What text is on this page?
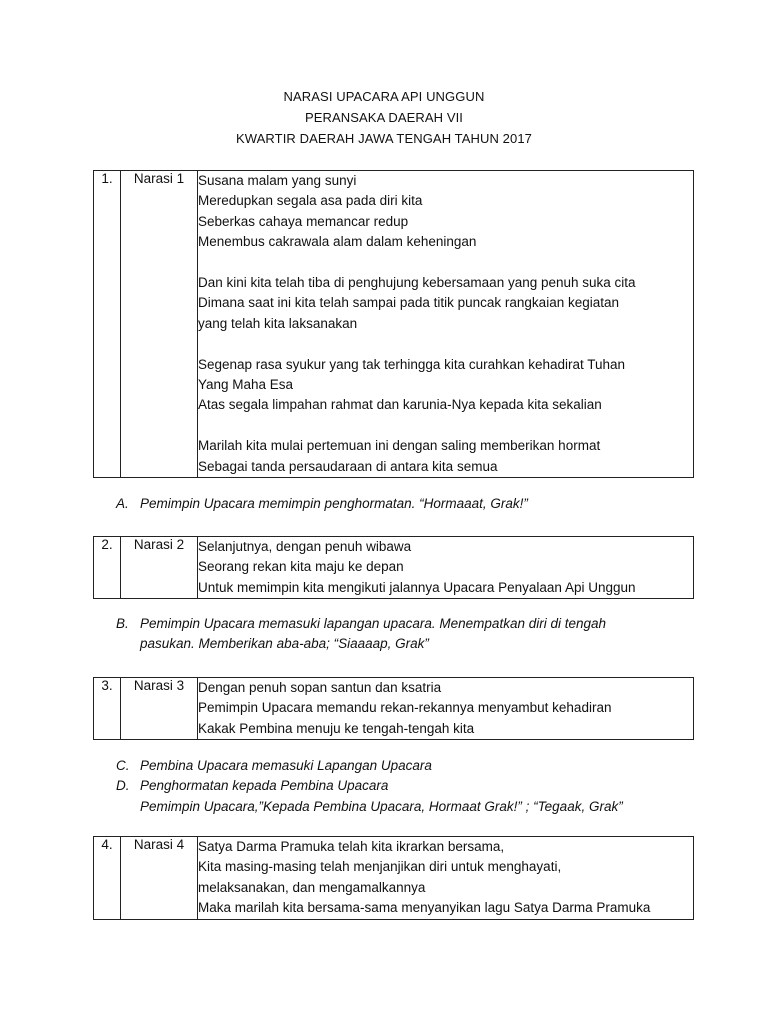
NARASI UPACARA API UNGGUN
PERANSAKA DAERAH VII
KWARTIR DAERAH JAWA TENGAH TAHUN 2017
1.	Narasi 1	Susana malam yang sunyi
Meredupkan segala asa pada diri kita
Seberkas cahaya memancar redup
Menembus cakrawala alam dalam keheningan
Dan kini kita telah tiba di penghujung kebersamaan yang penuh suka cita
Dimana saat ini kita telah sampai pada titik puncak rangkaian kegiatan
yang telah kita laksanakan
Segenap rasa syukur yang tak terhingga kita curahkan kehadirat Tuhan
Yang Maha Esa
Atas segala limpahan rahmat dan karunia-Nya kepada kita sekalian
Marilah kita mulai pertemuan ini dengan saling memberikan hormat
Sebagai tanda persaudaraan di antara kita semua
A. Pemimpin Upacara memimpin penghormatan. “Hormaaat, Grak!”
2.	Narasi 2	Selanjutnya, dengan penuh wibawa
Seorang rekan kita maju ke depan
Untuk memimpin kita mengikuti jalannya Upacara Penyalaan Api Unggun
B. Pemimpin Upacara memasuki lapangan upacara. Menempatkan diri di tengah
pasukan. Memberikan aba-aba; “Siaaaap, Grak”
3.	Narasi 3	Dengan penuh sopan santun dan ksatria
Pemimpin Upacara memandu rekan-rekannya menyambut kehadiran
Kakak Pembina menuju ke tengah-tengah kita
C. Pembina Upacara memasuki Lapangan Upacara
D. Penghormatan kepada Pembina Upacara
Pemimpin Upacara,”Kepada Pembina Upacara, Hormaat Grak!” ; “Tegaak, Grak”
4.	Narasi 4	Satya Darma Pramuka telah kita ikrarkan bersama,
Kita masing-masing telah menjanjikan diri untuk menghayati,
melaksanakan, dan mengamalkannya
Maka marilah kita bersama-sama menyanyikan lagu Satya Darma Pramuka
